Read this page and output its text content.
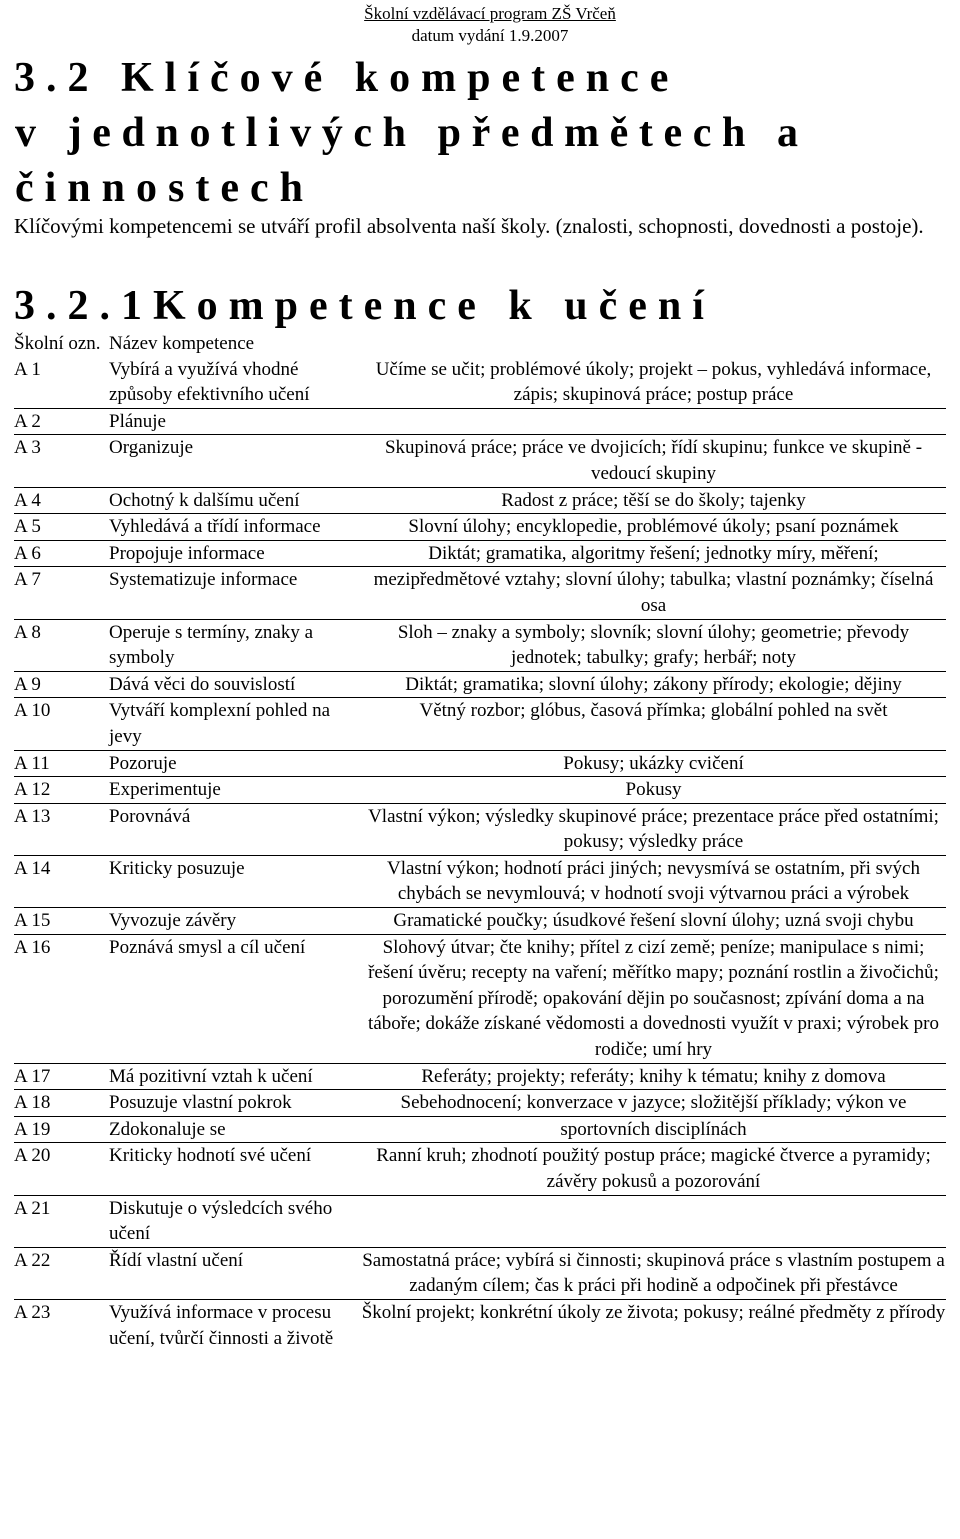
Školní vzdělávací program ZŠ Vrčeň
datum vydání 1.9.2007
3.2 Klíčové kompetence
v jednotlivých předmětech a
činnostech
Klíčovými kompetencemi se utváří profil absolventa naší školy. (znalosti, schopnosti, dovednosti a postoje).
3.2.1Kompetence k učení
Školní ozn.	Název kompetence	
A 1	Vybírá a využívá vhodné způsoby efektivního učení	Učíme se učit; problémové úkoly; projekt – pokus, vyhledává informace, zápis; skupinová práce; postup práce
A 2	Plánuje	
A 3	Organizuje	Skupinová práce; práce ve dvojicích; řídí skupinu; funkce ve skupině - vedoucí skupiny
A 4	Ochotný k dalšímu učení	Radost z práce; těší se do školy; tajenky
A 5	Vyhledává a třídí informace	Slovní úlohy; encyklopedie, problémové úkoly; psaní poznámek
A 6	Propojuje informace	Diktát; gramatika, algoritmy řešení; jednotky míry, měření;
A 7	Systematizuje informace	mezipředmětové vztahy; slovní úlohy; tabulka; vlastní poznámky; číselná osa
A 8	Operuje s termíny, znaky a symboly	Sloh – znaky a symboly; slovník; slovní úlohy; geometrie; převody jednotek; tabulky; grafy; herbář; noty
A 9	Dává věci do souvislostí	Diktát; gramatika; slovní úlohy; zákony přírody; ekologie; dějiny
A 10	Vytváří komplexní pohled na jevy	Větný rozbor; glóbus, časová přímka; globální pohled na svět
A 11	Pozoruje	Pokusy; ukázky cvičení
A 12	Experimentuje	Pokusy
A 13	Porovnává	Vlastní výkon; výsledky skupinové práce; prezentace práce před ostatními; pokusy; výsledky práce
A 14	Kriticky posuzuje	Vlastní výkon; hodnotí práci jiných; nevysmívá se ostatním, při svých chybách se nevymlouvá; v hodnotí svoji výtvarnou práci a výrobek
A 15	Vyvozuje závěry	Gramatické poučky; úsudkové řešení slovní úlohy; uzná svoji chybu
A 16	Poznává smysl a cíl učení	Slohový útvar; čte knihy; přítel z cizí země; peníze; manipulace s nimi; řešení úvěru; recepty na vaření; měřítko mapy; poznání rostlin a živočichů; porozumění přírodě; opakování dějin po současnost; zpívání doma a na táboře; dokáže získané vědomosti a dovednosti využít v praxi; výrobek pro rodiče; umí hry
A 17	Má pozitivní vztah k učení	Referáty; projekty; referáty; knihy k tématu; knihy z domova
A 18	Posuzuje vlastní pokrok	Sebehodnocení; konverzace v jazyce; složitější příklady; výkon ve
A 19	Zdokonaluje se	sportovních disciplínách
A 20	Kriticky hodnotí své učení	Ranní kruh; zhodnotí použitý postup práce; magické čtverce a pyramidy; závěry pokusů a pozorování
A 21	Diskutuje o výsledcích svého učení	
A 22	Řídí vlastní učení	Samostatná práce; vybírá si činnosti; skupinová práce s vlastním postupem a zadaným cílem; čas k práci při hodině a odpočinek při přestávce
A 23	Využívá informace v procesu učení, tvůrčí činnosti a životě	Školní projekt; konkrétní úkoly ze života; pokusy; reálné předměty z přírody
